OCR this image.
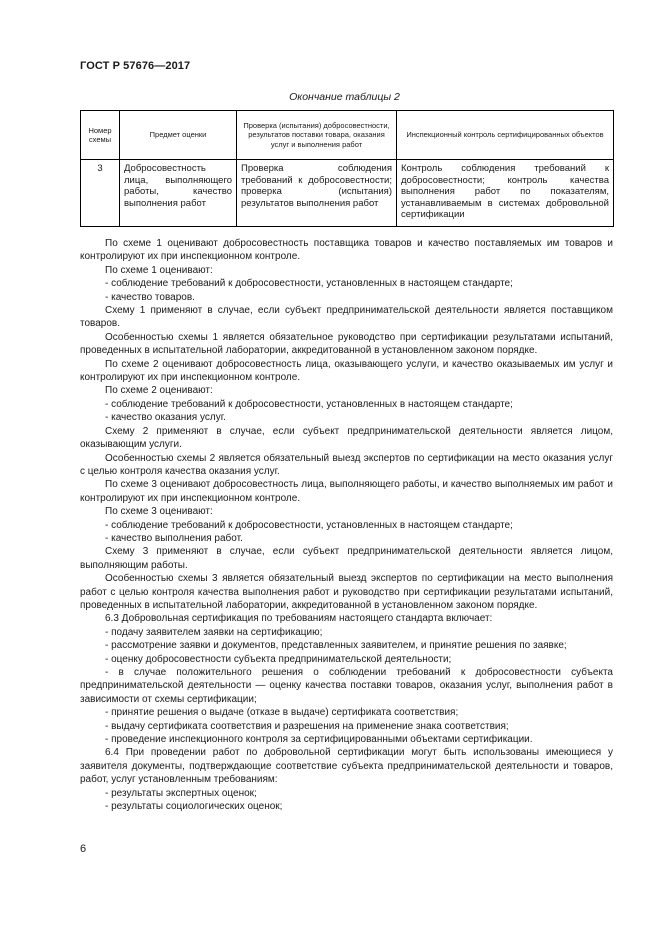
ГОСТ Р 57676—2017
Окончание таблицы 2
Номер схемы	Предмет оценки	Проверка (испытания) добросовестности, результатов поставки товара, оказания услуг и выполнения работ	Инспекционный контроль сертифицированных объектов
3	Добросовестность лица, выполняющего работы, качество выполнения работ	Проверка соблюдения требований к добросовестности; проверка (испытания) результатов выполнения работ	Контроль соблюдения требований к добросовестности; контроль качества выполнения работ по показателям, устанавливаемым в системах добровольной сертификации

По схеме 1 оценивают добросовестность поставщика товаров и качество поставляемых им товаров и контролируют их при инспекционном контроле.

По схеме 1 оценивают:

- соблюдение требований к добросовестности, установленных в настоящем стандарте;

- качество товаров.

Схему 1 применяют в случае, если субъект предпринимательской деятельности является поставщиком товаров.

Особенностью схемы 1 является обязательное руководство при сертификации результатами испытаний, проведенных в испытательной лаборатории, аккредитованной в установленном законом порядке.

По схеме 2 оценивают добросовестность лица, оказывающего услуги, и качество оказываемых им услуг и контролируют их при инспекционном контроле.

По схеме 2 оценивают:

- соблюдение требований к добросовестности, установленных в настоящем стандарте;

- качество оказания услуг.

Схему 2 применяют в случае, если субъект предпринимательской деятельности является лицом, оказывающим услуги.

Особенностью схемы 2 является обязательный выезд экспертов по сертификации на место оказания услуг с целью контроля качества оказания услуг.

По схеме 3 оценивают добросовестность лица, выполняющего работы, и качество выполняемых им работ и контролируют их при инспекционном контроле.

По схеме 3 оценивают:

- соблюдение требований к добросовестности, установленных в настоящем стандарте;

- качество выполнения работ.

Схему 3 применяют в случае, если субъект предпринимательской деятельности является лицом, выполняющим работы.

Особенностью схемы 3 является обязательный выезд экспертов по сертификации на место выполнения работ с целью контроля качества выполнения работ и руководство при сертификации результатами испытаний, проведенных в испытательной лаборатории, аккредитованной в установленном законом порядке.

6.3 Добровольная сертификация по требованиям настоящего стандарта включает:

- подачу заявителем заявки на сертификацию;

- рассмотрение заявки и документов, представленных заявителем, и принятие решения по заявке;

- оценку добросовестности субъекта предпринимательской деятельности;

- в случае положительного решения о соблюдении требований к добросовестности субъекта предпринимательской деятельности — оценку качества поставки товаров, оказания услуг, выполнения работ в зависимости от схемы сертификации;

- принятие решения о выдаче (отказе в выдаче) сертификата соответствия;

- выдачу сертификата соответствия и разрешения на применение знака соответствия;

- проведение инспекционного контроля за сертифицированными объектами сертификации.

6.4 При проведении работ по добровольной сертификации могут быть использованы имеющиеся у заявителя документы, подтверждающие соответствие субъекта предпринимательской деятельности и товаров, работ, услуг установленным требованиям:

- результаты экспертных оценок;

- результаты социологических оценок;

6
